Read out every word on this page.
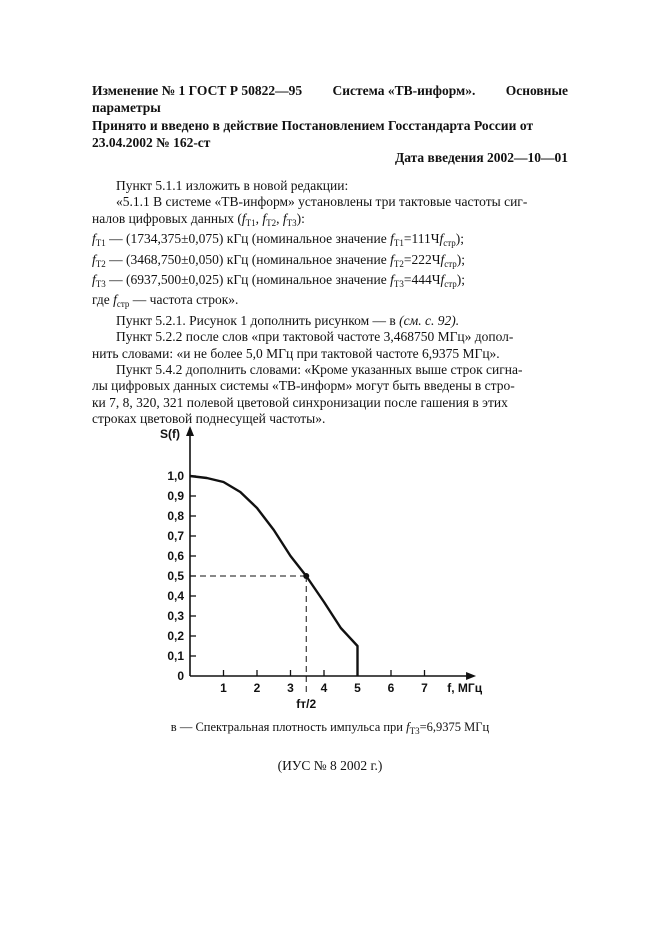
Изменение № 1 ГОСТ Р 50822—95 Система «ТВ-информ». Основные
параметры
Принято и введено в действие Постановлением Госстандарта России от
23.04.2002 № 162-ст
Дата введения 2002—10—01
Пункт 5.1.1 изложить в новой редакции:
«5.1.1 В системе «ТВ-информ» установлены три тактовые частоты сиг-
налов цифровых данных ($f_{T1}$, $f_{T2}$, $f_{T3}$):
$f_{T1}$ — (1734,375±0,075) кГц (номинальное значение $f_{T1}=111Чf_{стр}$);
$f_{T2}$ — (3468,750±0,050) кГц (номинальное значение $f_{T2}=222Чf_{стр}$);
$f_{T3}$ — (6937,500±0,025) кГц (номинальное значение $f_{T3}=444Чf_{стр}$);
где $f_{стр}$ — частота строк».
Пункт 5.2.1. Рисунок 1 дополнить рисунком — в (см. с. 92).
Пункт 5.2.2 после слов «при тактовой частоте 3,468750 МГц» допол-
нить словами: «и не более 5,0 МГц при тактовой частоте 6,9375 МГц».
Пункт 5.4.2 дополнить словами: «Кроме указанных выше строк сигна-
лы цифровых данных системы «ТВ-информ» могут быть введены в стро-
ки 7, 8, 320, 321 полевой цветовой синхронизации после гашения в этих
строках цветовой поднесущей частоты».
0,1
0,2
0,3
0,4
0,5
0,6
0,7
0,8
0,9
1,0
1 2 3 4 5 6 7
0
f, МГц
S(f)
fт/2
в — Спектральная плотность импульса при $f_{T3}=6,9375$ МГц
(ИУС № 8 2002 г.)
